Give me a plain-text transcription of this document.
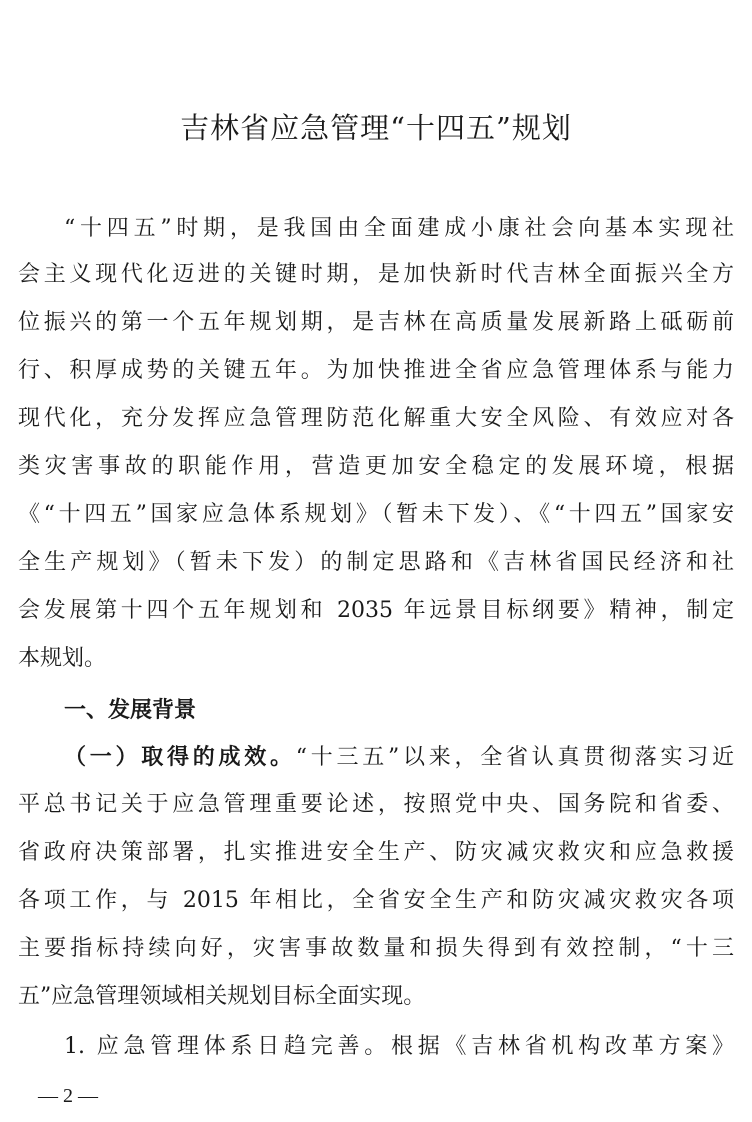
吉林省应急管理“十四五”规划
“十四五”时期，是我国由全面建成小康社会向基本实现社
会主义现代化迈进的关键时期，是加快新时代吉林全面振兴全方
位振兴的第一个五年规划期，是吉林在高质量发展新路上砥砺前
行、积厚成势的关键五年。为加快推进全省应急管理体系与能力
现代化，充分发挥应急管理防范化解重大安全风险、有效应对各
类灾害事故的职能作用，营造更加安全稳定的发展环境，根据
《“十四五”国家应急体系规划》（暂未下发）、《“十四五”国家安
全生产规划》（暂未下发）的制定思路和《吉林省国民经济和社
会发展第十四个五年规划和 2035 年远景目标纲要》精神，制定
本规划。
一、发展背景
（一）取得的成效。“十三五”以来，全省认真贯彻落实习近
平总书记关于应急管理重要论述，按照党中央、国务院和省委、
省政府决策部署，扎实推进安全生产、防灾减灾救灾和应急救援
各项工作，与 2015 年相比，全省安全生产和防灾减灾救灾各项
主要指标持续向好，灾害事故数量和损失得到有效控制，“十三
五”应急管理领域相关规划目标全面实现。
1. 应急管理体系日趋完善。根据《吉林省机构改革方案》
— 2 —
